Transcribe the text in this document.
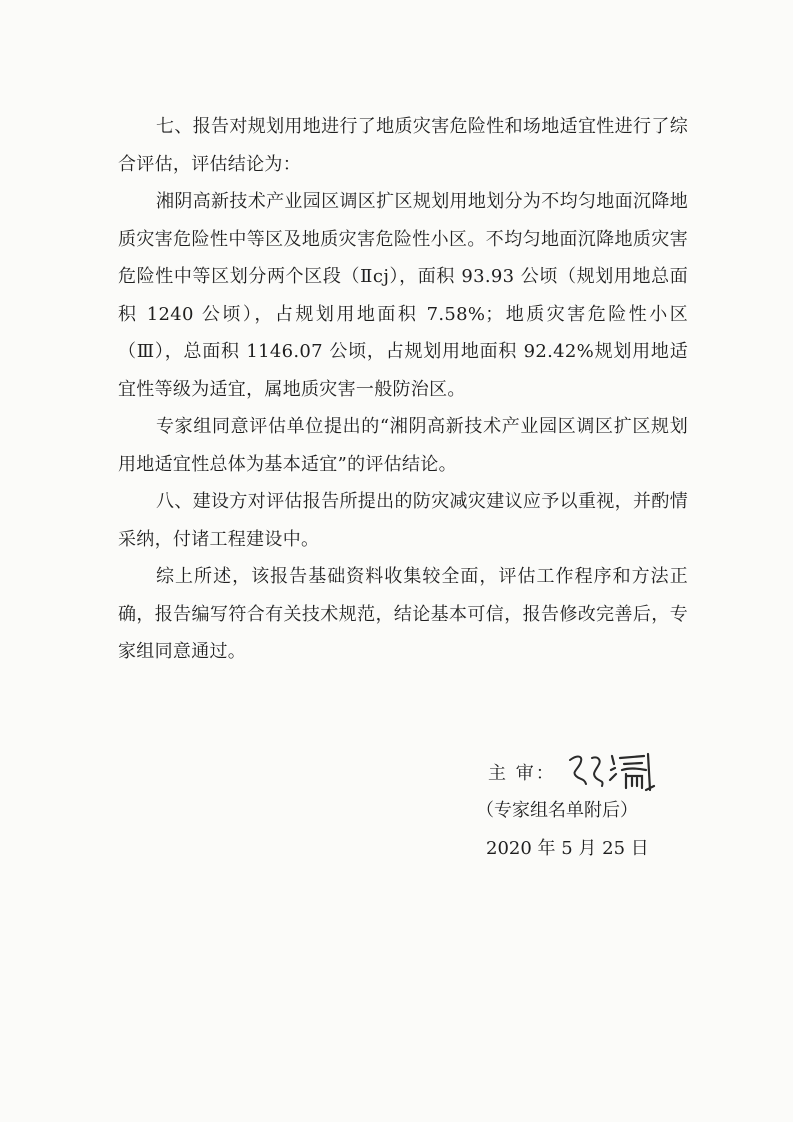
七、报告对规划用地进行了地质灾害危险性和场地适宜性进行了综合评估，评估结论为：

湘阴高新技术产业园区调区扩区规划用地划分为不均匀地面沉降地质灾害危险性中等区及地质灾害危险性小区。不均匀地面沉降地质灾害危险性中等区划分两个区段（Ⅱcj），面积 93.93 公顷（规划用地总面积 1240 公顷），占规划用地面积 7.58%；地质灾害危险性小区（Ⅲ），总面积 1146.07 公顷，占规划用地面积 92.42%规划用地适宜性等级为适宜，属地质灾害一般防治区。

专家组同意评估单位提出的“湘阴高新技术产业园区调区扩区规划用地适宜性总体为基本适宜”的评估结论。

八、建设方对评估报告所提出的防灾减灾建议应予以重视，并酌情采纳，付诸工程建设中。

综上所述，该报告基础资料收集较全面，评估工作程序和方法正确，报告编写符合有关技术规范，结论基本可信，报告修改完善后，专家组同意通过。

主 审：
（专家组名单附后）
2020 年 5 月 25 日
